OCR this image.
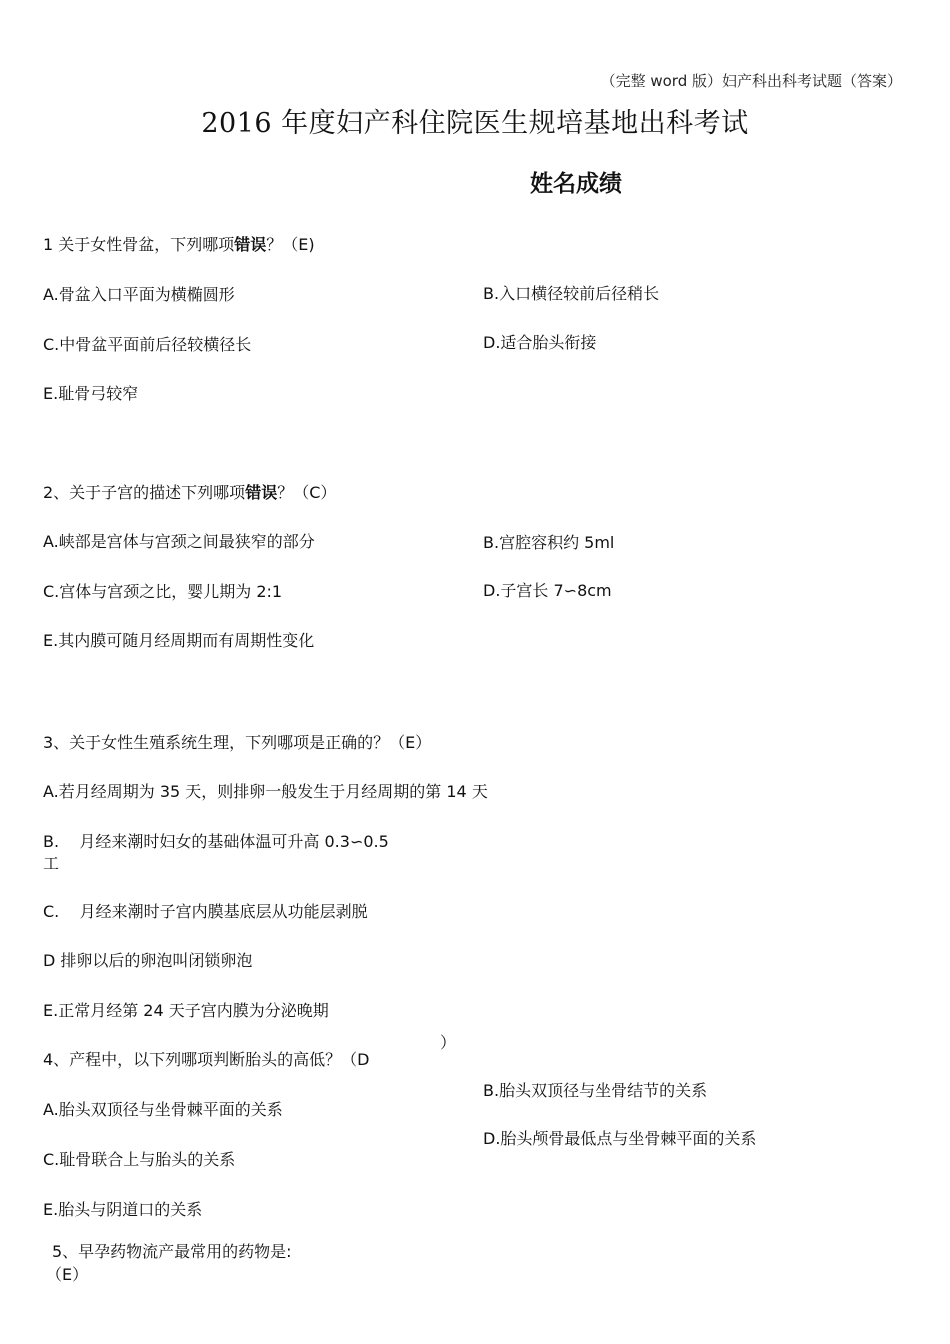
（完整 word 版）妇产科出科考试题（答案）
2016 年度妇产科住院医生规培基地出科考试
姓名成绩
1 关于女性骨盆，下列哪项错误？（E)
A.骨盆入口平面为横椭圆形	B.入口横径较前后径稍长
C.中骨盆平面前后径较横径长	D.适合胎头衔接
E.耻骨弓较窄
2、关于子宫的描述下列哪项错误？（C）
A.峡部是宫体与宫颈之间最狭窄的部分	B.宫腔容积约 5ml
C.宫体与宫颈之比，婴儿期为 2:1	D.子宫长 7∽8cm
E.其内膜可随月经周期而有周期性变化
3、关于女性生殖系统生理，下列哪项是正确的？（E）
A.若月经周期为 35 天，则排卵一般发生于月经周期的第 14 天
B.    月经来潮时妇女的基础体温可升高 0.3∽0.5
工
C.    月经来潮时子宫内膜基底层从功能层剥脱
D 排卵以后的卵泡叫闭锁卵泡
E.正常月经第 24 天子宫内膜为分泌晚期
）
4、产程中，以下列哪项判断胎头的高低？（D
B.胎头双顶径与坐骨结节的关系
A.胎头双顶径与坐骨棘平面的关系
D.胎头颅骨最低点与坐骨棘平面的关系
C.耻骨联合上与胎头的关系
E.胎头与阴道口的关系
5、早孕药物流产最常用的药物是:
（E）
